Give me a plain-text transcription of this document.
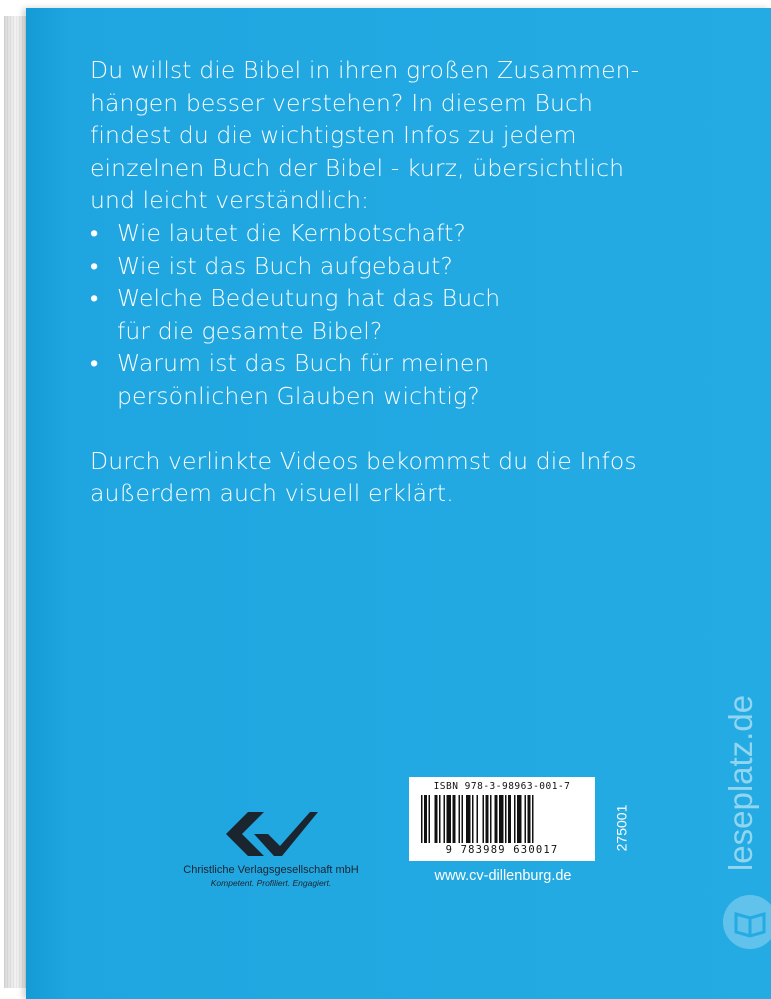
Du willst die Bibel in ihren großen Zusammen-

hängen besser verstehen? In diesem Buch

findest du die wichtigsten Infos zu jedem

einzelnen Buch der Bibel - kurz, übersichtlich

und leicht verständlich:

• Wie lautet die Kernbotschaft?
• Wie ist das Buch aufgebaut?
• Welche Bedeutung hat das Buch
für die gesamte Bibel?
• Warum ist das Buch für meinen
persönlichen Glauben wichtig?

Durch verlinkte Videos bekommst du die Infos

außerdem auch visuell erklärt.

Christliche Verlagsgesellschaft mbH
Kompetent. Profiliert. Engagiert.
ISBN 978-3-98963-001-7
9 783989 630017	275001
www.cv-dillenburg.de
leseplatz.de
